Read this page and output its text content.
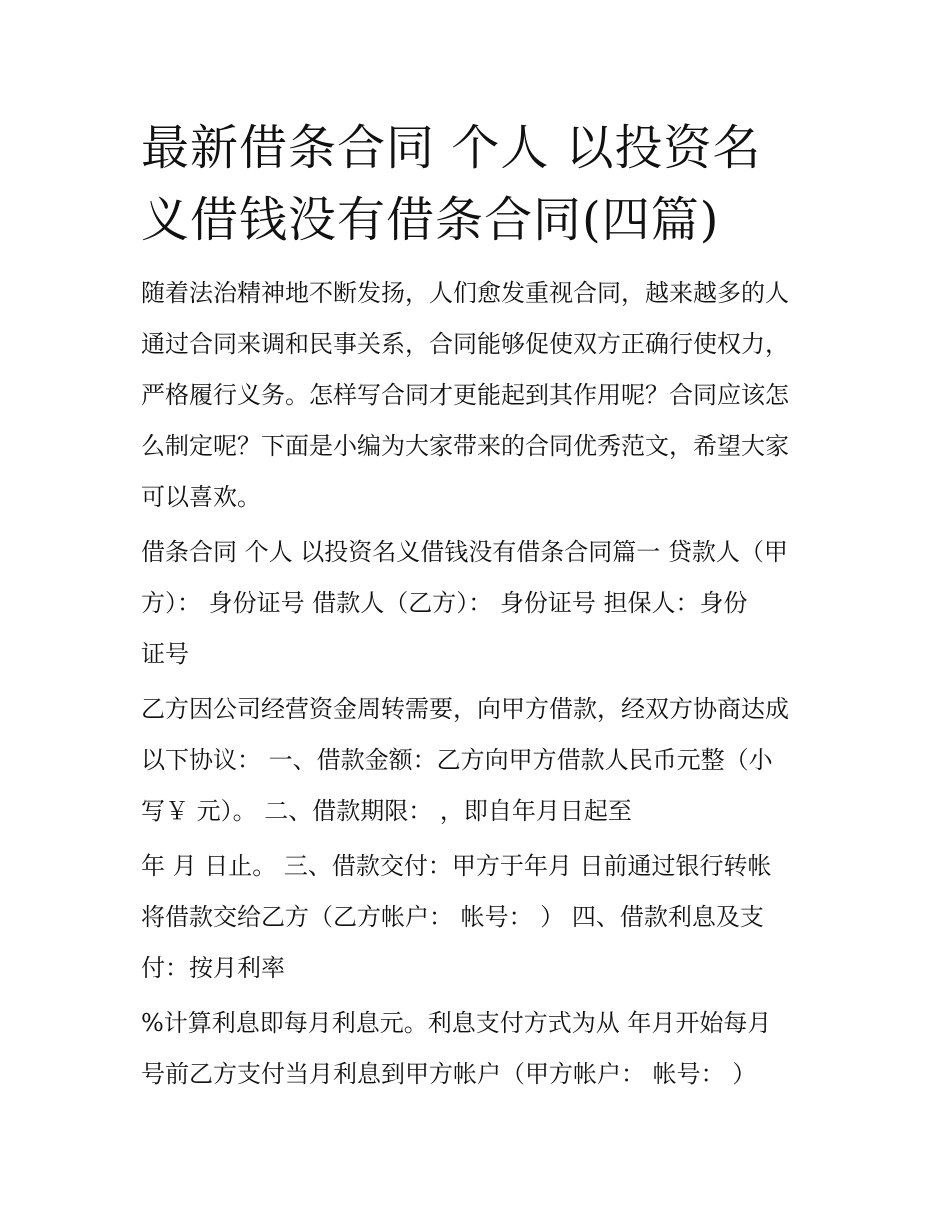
最新借条合同 个人 以投资名
义借钱没有借条合同(四篇)
随着法治精神地不断发扬，人们愈发重视合同，越来越多的人
通过合同来调和民事关系，合同能够促使双方正确行使权力，
严格履行义务。怎样写合同才更能起到其作用呢？合同应该怎
么制定呢？下面是小编为大家带来的合同优秀范文，希望大家
可以喜欢。
借条合同 个人 以投资名义借钱没有借条合同篇一 贷款人（甲
方）： 身份证号 借款人（乙方）： 身份证号 担保人：身份
证号
乙方因公司经营资金周转需要，向甲方借款，经双方协商达成
以下协议： 一、借款金额：乙方向甲方借款人民币元整（小
写￥ 元）。 二、借款期限： ，即自年月日起至
年 月 日止。 三、借款交付：甲方于年月 日前通过银行转帐
将借款交给乙方（乙方帐户： 帐号： ） 四、借款利息及支
付：按月利率
%计算利息即每月利息元。利息支付方式为从 年月开始每月
号前乙方支付当月利息到甲方帐户（甲方帐户： 帐号： ）
